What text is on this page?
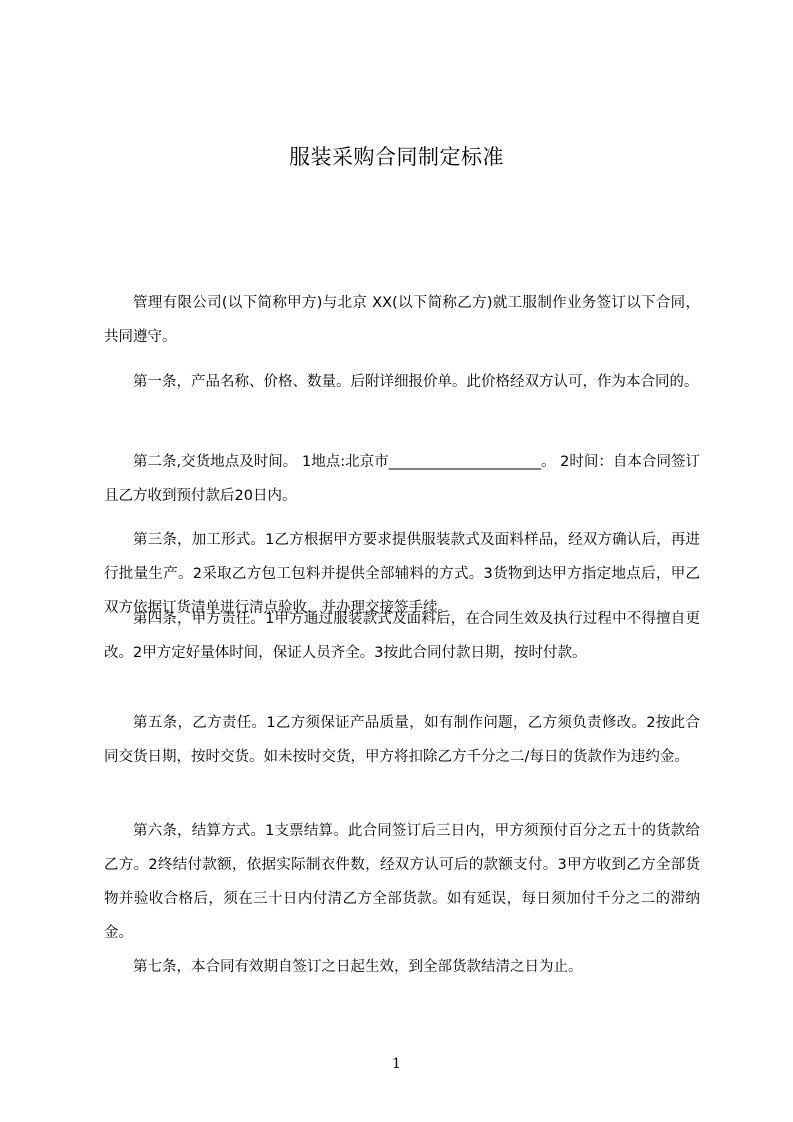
服装采购合同制定标准

管理有限公司(以下简称甲方)与北京 XX(以下简称乙方)就工服制作业务签订以下合同，共同遵守。

第一条，产品名称、价格、数量。后附详细报价单。此价格经双方认可，作为本合同的。

第二条,交货地点及时间。 1地点:北京市_____________________。 2时间：自本合同签订且乙方收到预付款后20日内。

第三条，加工形式。1乙方根据甲方要求提供服装款式及面料样品，经双方确认后，再进行批量生产。2采取乙方包工包料并提供全部辅料的方式。3货物到达甲方指定地点后，甲乙双方依据订货清单进行清点验收，并办理交接签手续。

第四条，甲方责任。1甲方通过服装款式及面料后，在合同生效及执行过程中不得擅自更改。2甲方定好量体时间，保证人员齐全。3按此合同付款日期，按时付款。

第五条，乙方责任。1乙方须保证产品质量，如有制作问题，乙方须负责修改。2按此合同交货日期，按时交货。如未按时交货，甲方将扣除乙方千分之二/每日的货款作为违约金。

第六条，结算方式。1支票结算。此合同签订后三日内，甲方须预付百分之五十的货款给乙方。2终结付款额，依据实际制衣件数，经双方认可后的款额支付。3甲方收到乙方全部货物并验收合格后，须在三十日内付清乙方全部货款。如有延误，每日须加付千分之二的滞纳金。

第七条，本合同有效期自签订之日起生效，到全部货款结清之日为止。

1
